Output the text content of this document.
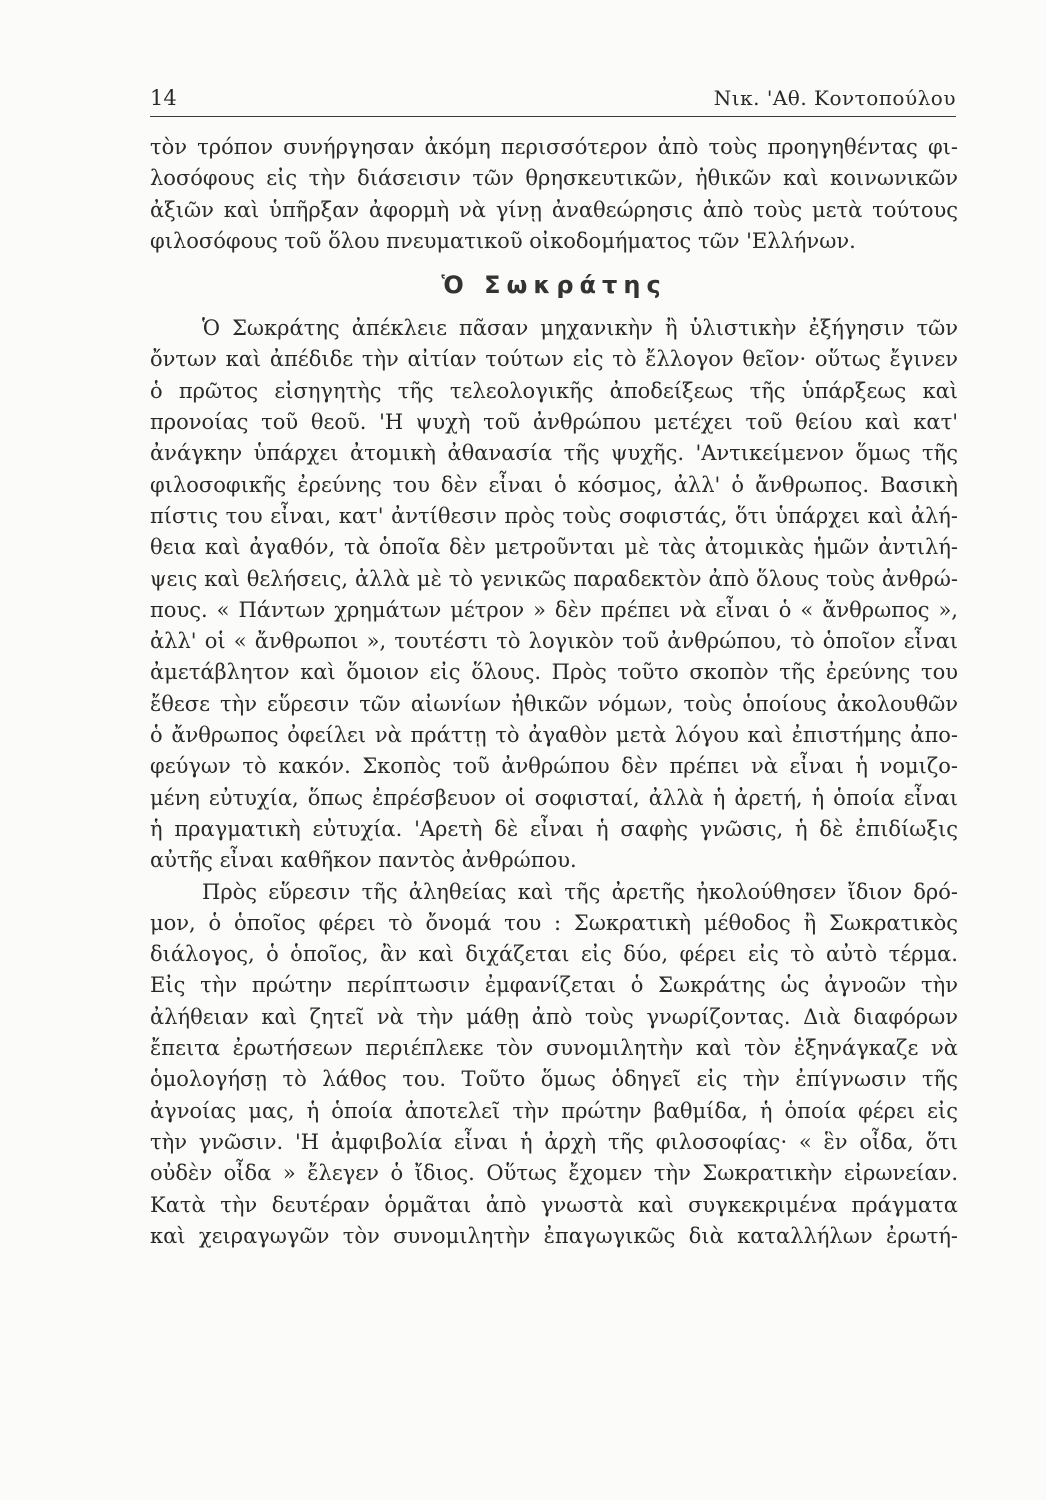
14	Νικ. 'Αθ. Κοντοπούλου
τὸν τρόπον συνήργησαν ἀκόμη περισσότερον ἀπὸ τοὺς προηγηθέντας φι-
λοσόφους εἰς τὴν διάσεισιν τῶν θρησκευτικῶν, ἠθικῶν καὶ κοινωνικῶν
ἀξιῶν καὶ ὑπῆρξαν ἀφορμὴ νὰ γίνῃ ἀναθεώρησις ἀπὸ τοὺς μετὰ τούτους
φιλοσόφους τοῦ ὅλου πνευματικοῦ οἰκοδομήματος τῶν 'Ελλήνων.
Ὁ Σωκράτης
Ὁ Σωκράτης ἀπέκλειε πᾶσαν μηχανικὴν ἢ ὑλιστικὴν ἐξήγησιν τῶν
ὄντων καὶ ἀπέδιδε τὴν αἰτίαν τούτων εἰς τὸ ἔλλογον θεῖον· οὕτως ἔγινεν
ὁ πρῶτος εἰσηγητὴς τῆς τελεολογικῆς ἀποδείξεως τῆς ὑπάρξεως καὶ
προνοίας τοῦ θεοῦ. 'Η ψυχὴ τοῦ ἀνθρώπου μετέχει τοῦ θείου καὶ κατ'
ἀνάγκην ὑπάρχει ἀτομικὴ ἀθανασία τῆς ψυχῆς. 'Αντικείμενον ὅμως τῆς
φιλοσοφικῆς ἐρεύνης του δὲν εἶναι ὁ κόσμος, ἀλλ' ὁ ἄνθρωπος. Βασικὴ
πίστις του εἶναι, κατ' ἀντίθεσιν πρὸς τοὺς σοφιστάς, ὅτι ὑπάρχει καὶ ἀλή-
θεια καὶ ἀγαθόν, τὰ ὁποῖα δὲν μετροῦνται μὲ τὰς ἀτομικὰς ἡμῶν ἀντιλή-
ψεις καὶ θελήσεις, ἀλλὰ μὲ τὸ γενικῶς παραδεκτὸν ἀπὸ ὅλους τοὺς ἀνθρώ-
πους. « Πάντων χρημάτων μέτρον » δὲν πρέπει νὰ εἶναι ὁ « ἄνθρωπος »,
ἀλλ' οἱ « ἄνθρωποι », τουτέστι τὸ λογικὸν τοῦ ἀνθρώπου, τὸ ὁποῖον εἶναι
ἀμετάβλητον καὶ ὅμοιον εἰς ὅλους. Πρὸς τοῦτο σκοπὸν τῆς ἐρεύνης του
ἔθεσε τὴν εὕρεσιν τῶν αἰωνίων ἠθικῶν νόμων, τοὺς ὁποίους ἀκολουθῶν
ὁ ἄνθρωπος ὀφείλει νὰ πράττῃ τὸ ἀγαθὸν μετὰ λόγου καὶ ἐπιστήμης ἀπο-
φεύγων τὸ κακόν. Σκοπὸς τοῦ ἀνθρώπου δὲν πρέπει νὰ εἶναι ἡ νομιζο-
μένη εὐτυχία, ὅπως ἐπρέσβευον οἱ σοφισταί, ἀλλὰ ἡ ἀρετή, ἡ ὁποία εἶναι
ἡ πραγματικὴ εὐτυχία. 'Αρετὴ δὲ εἶναι ἡ σαφὴς γνῶσις, ἡ δὲ ἐπιδίωξις
αὐτῆς εἶναι καθῆκον παντὸς ἀνθρώπου.
Πρὸς εὕρεσιν τῆς ἀληθείας καὶ τῆς ἀρετῆς ἠκολούθησεν ἴδιον δρό-
μον, ὁ ὁποῖος φέρει τὸ ὄνομά του : Σωκρατικὴ μέθοδος ἢ Σωκρατικὸς
διάλογος, ὁ ὁποῖος, ἂν καὶ διχάζεται εἰς δύο, φέρει εἰς τὸ αὐτὸ τέρμα.
Εἰς τὴν πρώτην περίπτωσιν ἐμφανίζεται ὁ Σωκράτης ὡς ἀγνοῶν τὴν
ἀλήθειαν καὶ ζητεῖ νὰ τὴν μάθῃ ἀπὸ τοὺς γνωρίζοντας. Διὰ διαφόρων
ἔπειτα ἐρωτήσεων περιέπλεκε τὸν συνομιλητὴν καὶ τὸν ἐξηνάγκαζε νὰ
ὁμολογήσῃ τὸ λάθος του. Τοῦτο ὅμως ὁδηγεῖ εἰς τὴν ἐπίγνωσιν τῆς
ἀγνοίας μας, ἡ ὁποία ἀποτελεῖ τὴν πρώτην βαθμίδα, ἡ ὁποία φέρει εἰς
τὴν γνῶσιν. 'Η ἀμφιβολία εἶναι ἡ ἀρχὴ τῆς φιλοσοφίας· « ἓν οἶδα, ὅτι
οὐδὲν οἶδα » ἔλεγεν ὁ ἴδιος. Οὕτως ἔχομεν τὴν Σωκρατικὴν εἰρωνείαν.
Κατὰ τὴν δευτέραν ὁρμᾶται ἀπὸ γνωστὰ καὶ συγκεκριμένα πράγματα
καὶ χειραγωγῶν τὸν συνομιλητὴν ἐπαγωγικῶς διὰ καταλλήλων ἐρωτή-
